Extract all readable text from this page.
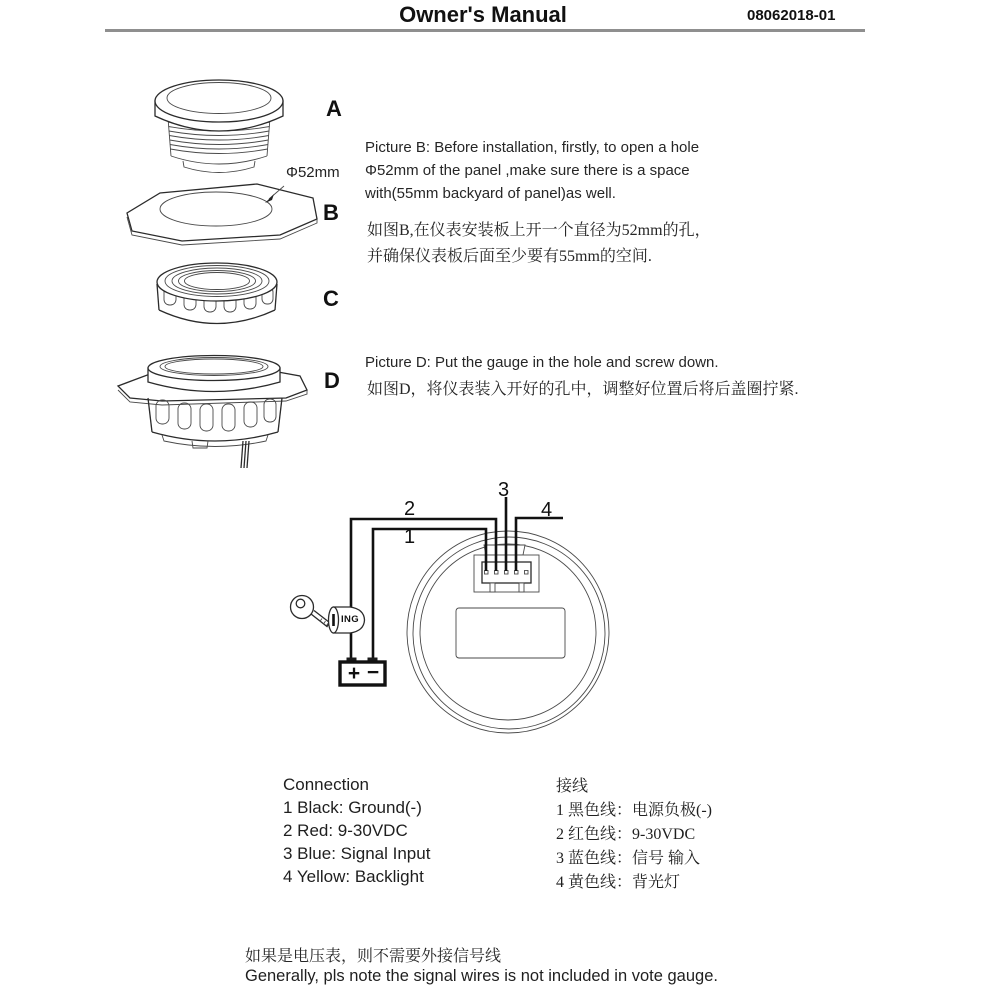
Owner's Manual	08062018-01
A
B
C
D
Φ52mm
Picture B: Before installation, firstly, to open a hole
Φ52mm of the panel ,make sure there is a space
with(55mm backyard of panel)as well.
如图B,在仪表安装板上开一个直径为52mm的孔，
并确保仪表板后面至少要有55mm的空间.
Picture D: Put the gauge in the hole and screw down.
如图D，将仪表装入开好的孔中，调整好位置后将后盖圈拧紧.
1
2
3
4
ING
+ −
Connection
1 Black: Ground(-)
2 Red: 9-30VDC
3 Blue: Signal Input
4 Yellow: Backlight
接线
1 黑色线：电源负极(-)
2 红色线：9-30VDC
3 蓝色线：信号 输入
4 黄色线：背光灯
如果是电压表，则不需要外接信号线
Generally, pls note the signal wires is not included in vote gauge.
